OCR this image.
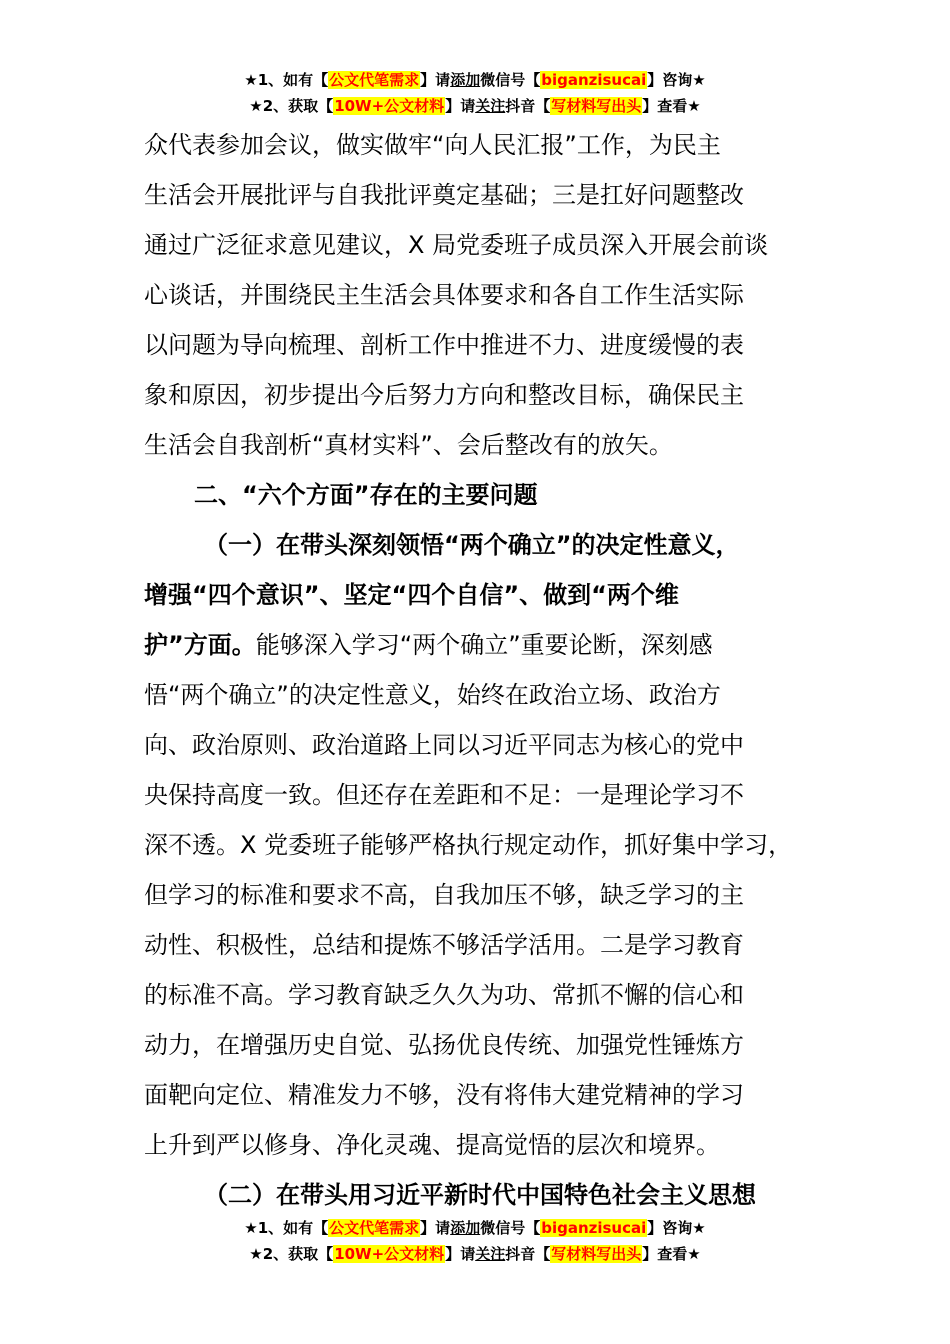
★1、如有【公文代笔需求】请添加微信号【biganzisucai】咨询★
★2、获取【10W+公文材料】请关注抖音【写材料写出头】查看★
众代表参加会议，做实做牢“向人民汇报”工作，为民主
生活会开展批评与自我批评奠定基础；三是扛好问题整改
通过广泛征求意见建议，X 局党委班子成员深入开展会前谈
心谈话，并围绕民主生活会具体要求和各自工作生活实际
以问题为导向梳理、剖析工作中推进不力、进度缓慢的表
象和原因，初步提出今后努力方向和整改目标，确保民主
生活会自我剖析“真材实料”、会后整改有的放矢。
二、“六个方面”存在的主要问题
（一）在带头深刻领悟“两个确立”的决定性意义，
增强“四个意识”、坚定“四个自信”、做到“两个维
护”方面。能够深入学习“两个确立”重要论断，深刻感
悟“两个确立”的决定性意义，始终在政治立场、政治方
向、政治原则、政治道路上同以习近平同志为核心的党中
央保持高度一致。但还存在差距和不足：一是理论学习不
深不透。X 党委班子能够严格执行规定动作，抓好集中学习，
但学习的标准和要求不高，自我加压不够，缺乏学习的主
动性、积极性，总结和提炼不够活学活用。二是学习教育
的标准不高。学习教育缺乏久久为功、常抓不懈的信心和
动力，在增强历史自觉、弘扬优良传统、加强党性锤炼方
面靶向定位、精准发力不够，没有将伟大建党精神的学习
上升到严以修身、净化灵魂、提高觉悟的层次和境界。
（二）在带头用习近平新时代中国特色社会主义思想
★1、如有【公文代笔需求】请添加微信号【biganzisucai】咨询★
★2、获取【10W+公文材料】请关注抖音【写材料写出头】查看★
